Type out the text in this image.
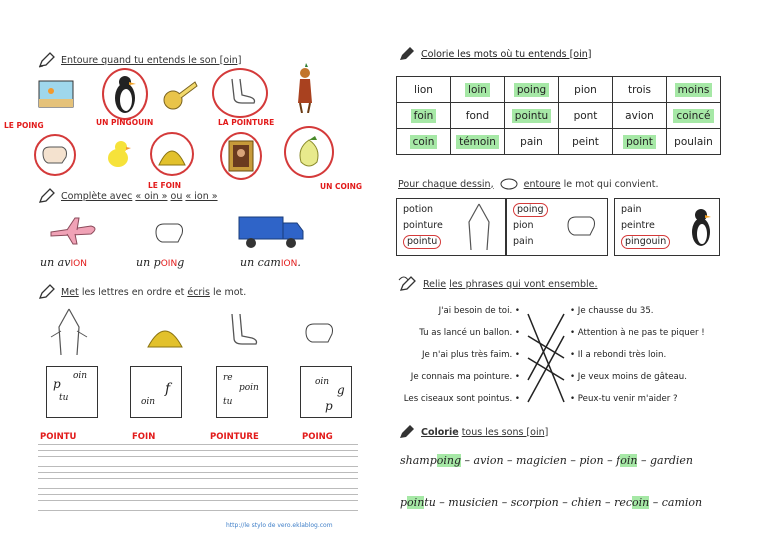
Entoure quand tu entends le son [oin]
LE POING	UN PINGOUIN	LA POINTURE
LE FOIN	UN COING
Complète avec « oin » ou « ion »
un avION	un pOINg	un camION.
Met les lettres en ordre et écris le mot.
oin
p
tu	oin
f
re
poin
tu
oin
g
p
POINTU	FOIN	POINTURE	POING
http://le stylo de vero.eklablog.com
Colorie les mots où tu entends [oin]
lion	loin	poing	pion	trois	moins
foin	fond	pointu	pont	avion	coincé
coin	témoin	pain	peint	point	poulain
Pour chaque dessin,	entoure le mot qui convient.
potion
pointure
pointu
poing
pion
pain
pain
peintre
pingouin
Relie les phrases qui vont ensemble.
J'ai besoin de toi. •
Tu as lancé un ballon. •
Je n'ai plus très faim. •
Je connais ma pointure. •
Les ciseaux sont pointus. •
• Je chausse du 35.
• Attention à ne pas te piquer !
• Il a rebondi très loin.
• Je veux moins de gâteau.
• Peux-tu venir m'aider ?
Colorie tous les sons [oin]
shampoing – avion – magicien – pion – foin – gardien
pointu – musicien – scorpion – chien – recoin – camion
